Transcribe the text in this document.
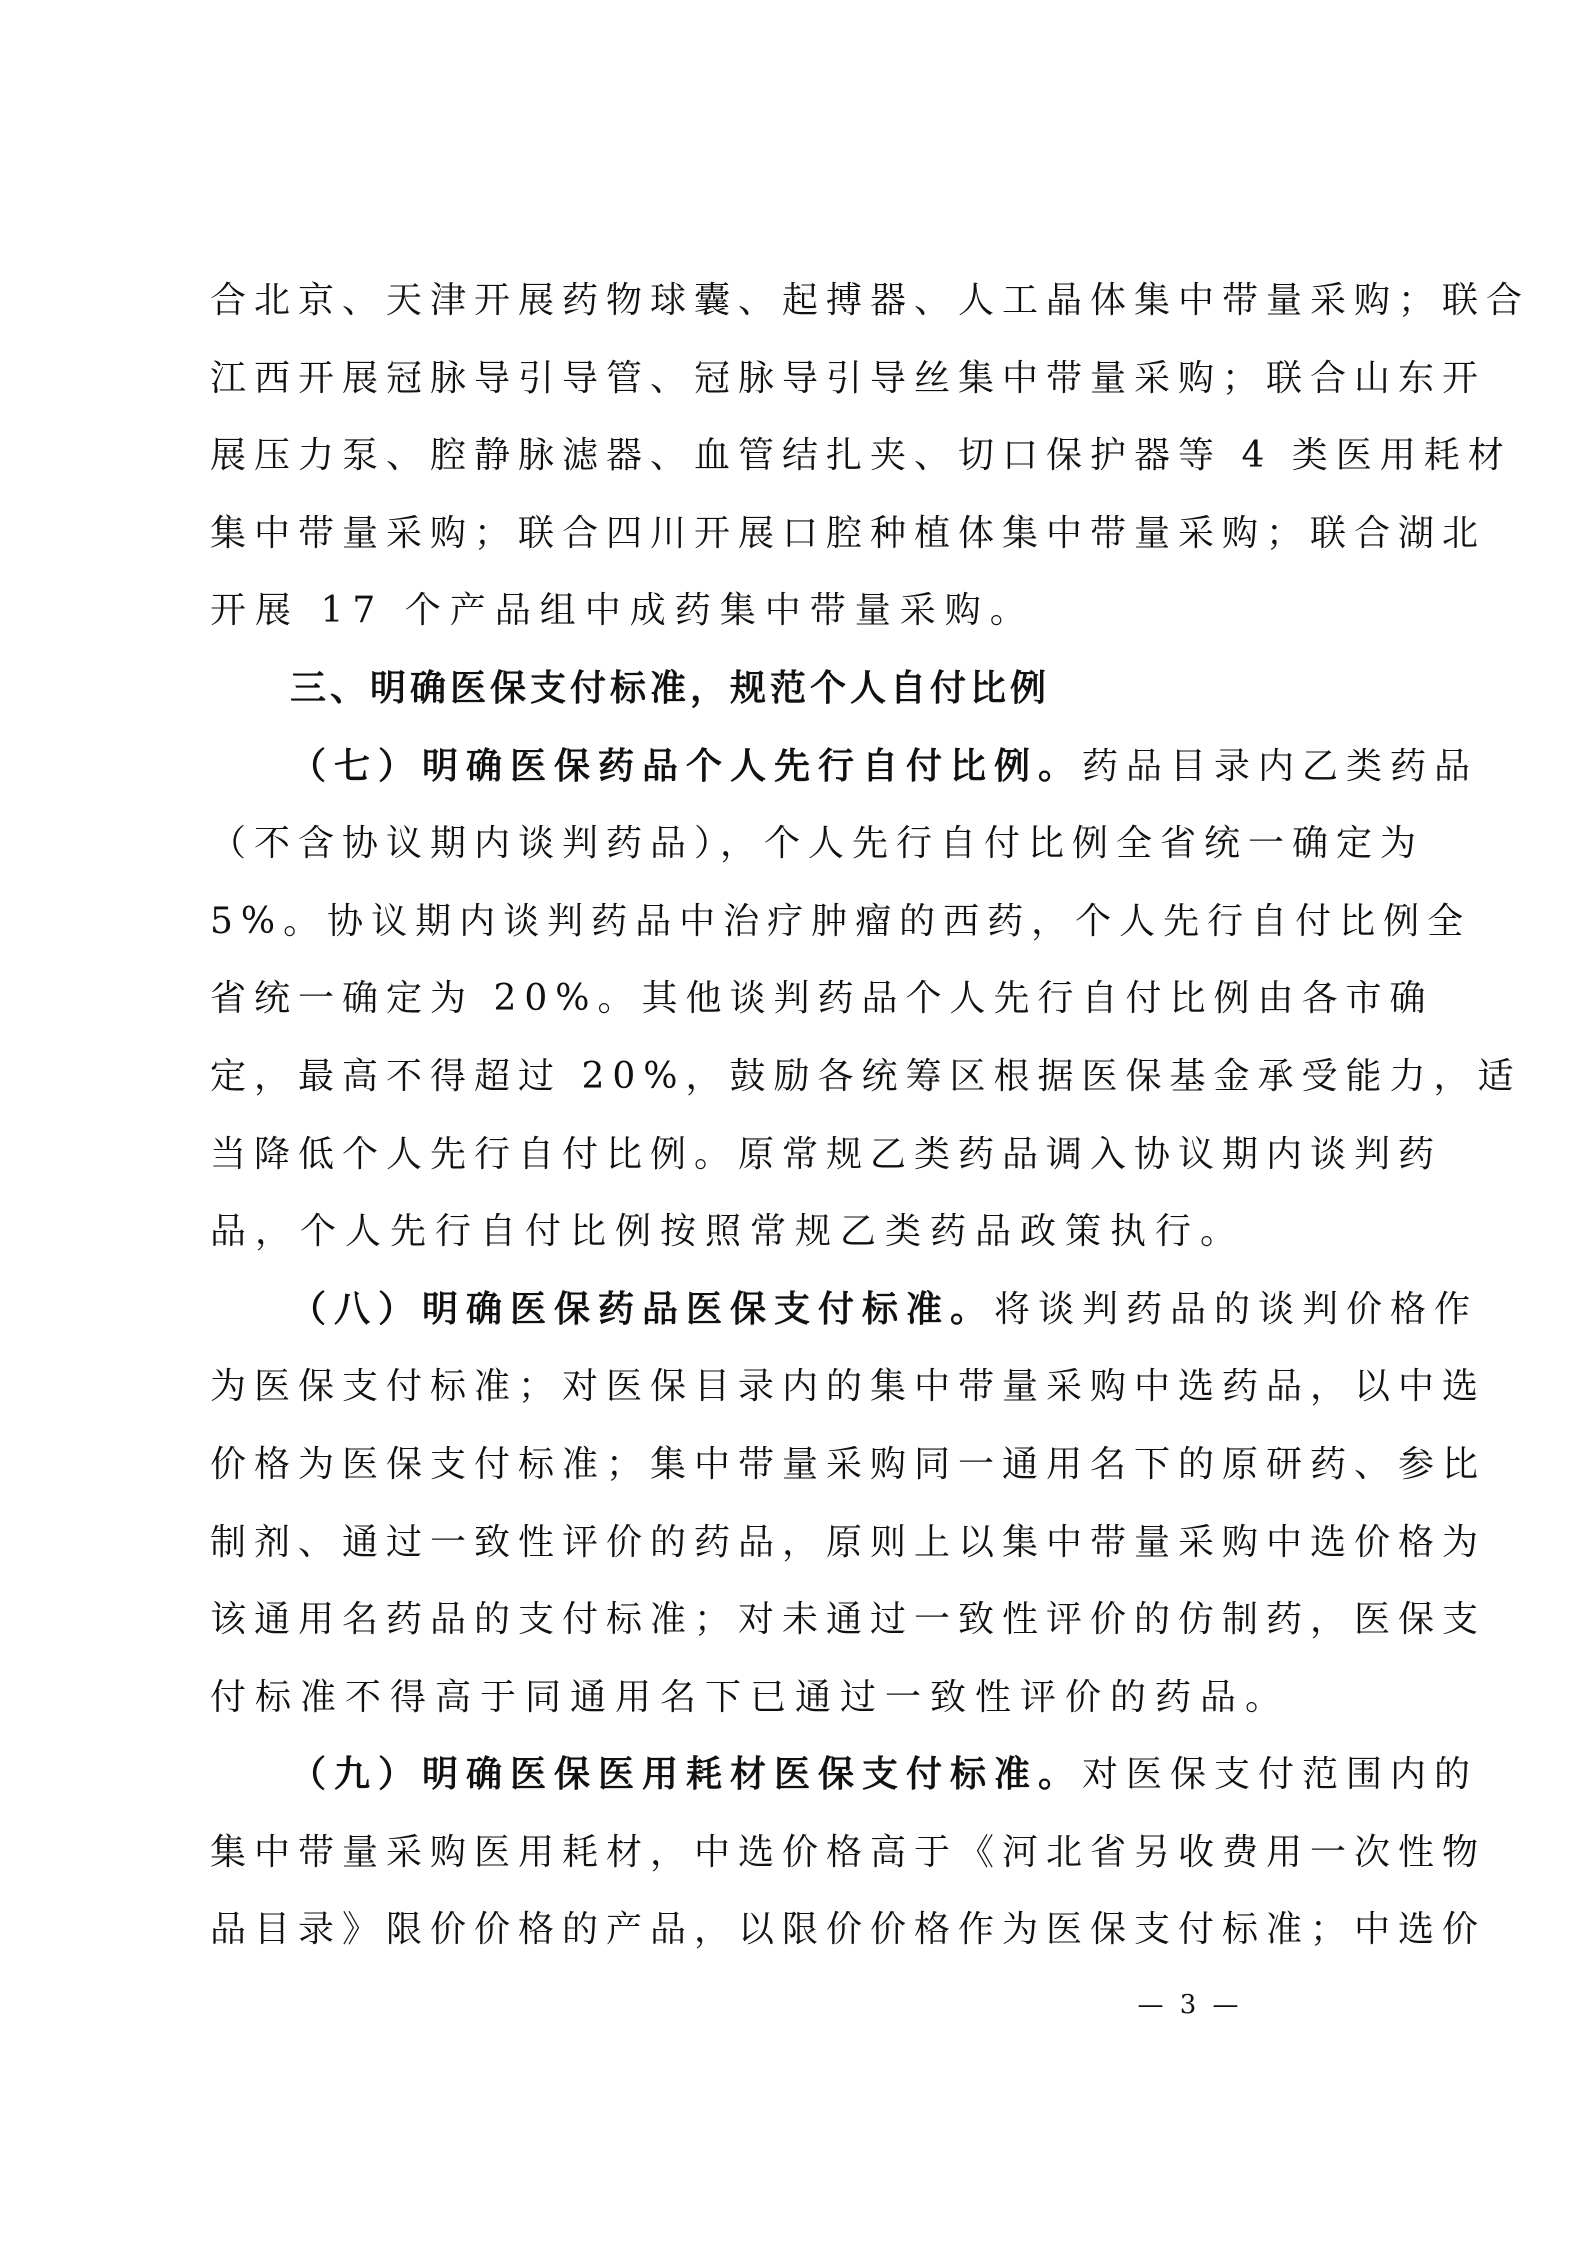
合北京、天津开展药物球囊、起搏器、人工晶体集中带量采购；联合
江西开展冠脉导引导管、冠脉导引导丝集中带量采购；联合山东开
展压力泵、腔静脉滤器、血管结扎夹、切口保护器等 4 类医用耗材
集中带量采购；联合四川开展口腔种植体集中带量采购；联合湖北
开展 17 个产品组中成药集中带量采购。
三、明确医保支付标准，规范个人自付比例
（七）明确医保药品个人先行自付比例。药品目录内乙类药品
（不含协议期内谈判药品），个人先行自付比例全省统一确定为
5%。协议期内谈判药品中治疗肿瘤的西药，个人先行自付比例全
省统一确定为 20%。其他谈判药品个人先行自付比例由各市确
定，最高不得超过 20%，鼓励各统筹区根据医保基金承受能力，适
当降低个人先行自付比例。原常规乙类药品调入协议期内谈判药
品，个人先行自付比例按照常规乙类药品政策执行。
（八）明确医保药品医保支付标准。将谈判药品的谈判价格作
为医保支付标准；对医保目录内的集中带量采购中选药品，以中选
价格为医保支付标准；集中带量采购同一通用名下的原研药、参比
制剂、通过一致性评价的药品，原则上以集中带量采购中选价格为
该通用名药品的支付标准；对未通过一致性评价的仿制药，医保支
付标准不得高于同通用名下已通过一致性评价的药品。
（九）明确医保医用耗材医保支付标准。对医保支付范围内的
集中带量采购医用耗材，中选价格高于《河北省另收费用一次性物
品目录》限价价格的产品，以限价价格作为医保支付标准；中选价
— 3 —
